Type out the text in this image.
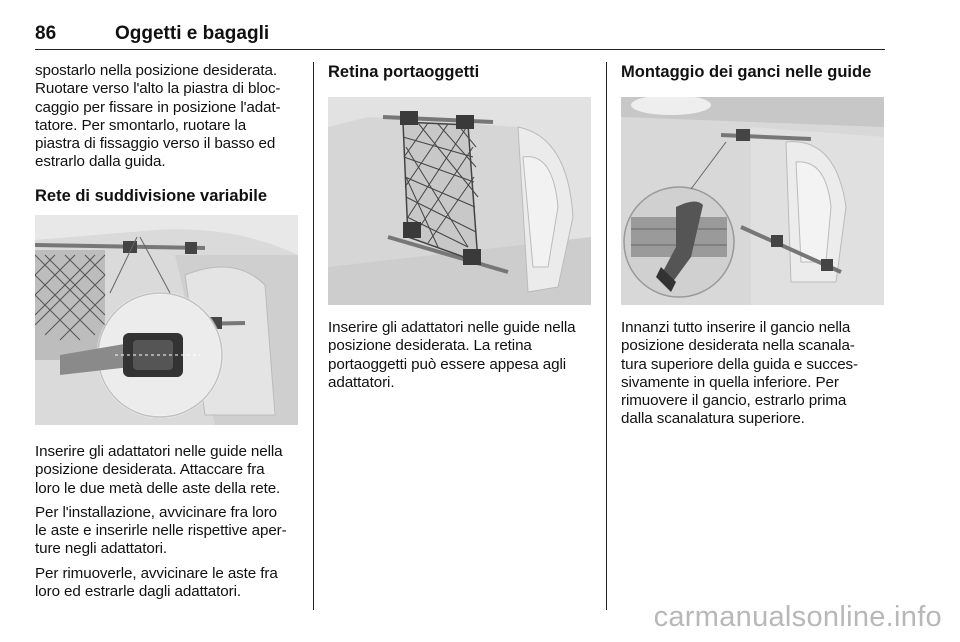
86	Oggetti e bagagli

spostarlo nella posizione desiderata.

Ruotare verso l'alto la piastra di bloc-

caggio per fissare in posizione l'adat-

tatore. Per smontarlo, ruotare la

piastra di fissaggio verso il basso ed

estrarlo dalla guida.

Rete di suddivisione variabile

Inserire gli adattatori nelle guide nella

posizione desiderata. Attaccare fra

loro le due metà delle aste della rete.

Per l'installazione, avvicinare fra loro

le aste e inserirle nelle rispettive aper-

ture negli adattatori.

Per rimuoverle, avvicinare le aste fra

loro ed estrarle dagli adattatori.

Retina portaoggetti

Inserire gli adattatori nelle guide nella

posizione desiderata. La retina

portaoggetti può essere appesa agli

adattatori.

Montaggio dei ganci nelle guide

Innanzi tutto inserire il gancio nella

posizione desiderata nella scanala-

tura superiore della guida e succes-

sivamente in quella inferiore. Per

rimuovere il gancio, estrarlo prima

dalla scanalatura superiore.

carmanualsonline.info
